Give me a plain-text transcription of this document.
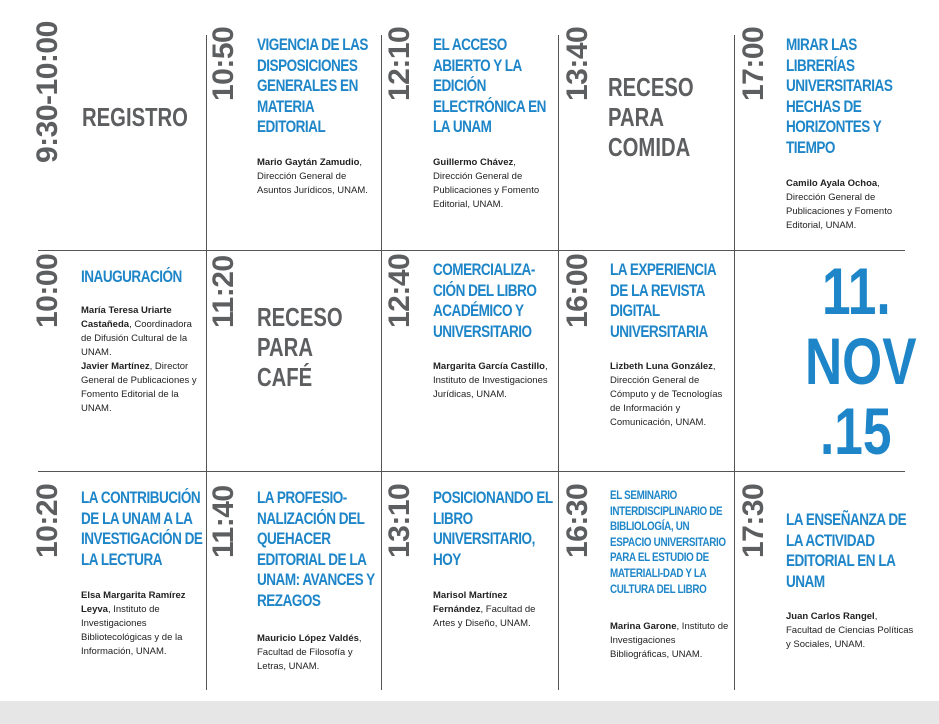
9:30-10:00 REGISTRO
10:50 VIGENCIA DE LAS DISPOSICIONES GENERALES EN MATERIA EDITORIAL
Mario Gaytán Zamudio, Dirección General de Asuntos Jurídicos, UNAM.
12:10 EL ACCESO ABIERTO Y LA EDICIÓN ELECTRÓNICA EN LA UNAM
Guillermo Chávez, Dirección General de Publicaciones y Fomento Editorial, UNAM.
13:40 RECESO PARA COMIDA
17:00 MIRAR LAS LIBRERÍAS UNIVERSITARIAS HECHAS DE HORIZONTES Y TIEMPO
Camilo Ayala Ochoa, Dirección General de Publicaciones y Fomento Editorial, UNAM.
10:00 INAUGURACIÓN
María Teresa Uriarte Castañeda, Coordinadora de Difusión Cultural de la UNAM.
Javier Martínez, Director General de Publicaciones y Fomento Editorial de la UNAM.
11:20 RECESO PARA CAFÉ
12:40 COMERCIALIZA-CIÓN DEL LIBRO ACADÉMICO Y UNIVERSITARIO
Margarita García Castillo, Instituto de Investigaciones Jurídicas, UNAM.
16:00 LA EXPERIENCIA DE LA REVISTA DIGITAL UNIVERSITARIA
Lizbeth Luna González, Dirección General de Cómputo y de Tecnologías de Información y Comunicación, UNAM.
11.
NOV
.15
10:20 LA CONTRIBUCIÓN DE LA UNAM A LA INVESTIGACIÓN DE LA LECTURA
Elsa Margarita Ramírez Leyva, Instituto de Investigaciones Bibliotecológicas y de la Información, UNAM.
11:40 LA PROFESIO-NALIZACIÓN DEL QUEHACER EDITORIAL DE LA UNAM: AVANCES Y REZAGOS
Mauricio López Valdés, Facultad de Filosofía y Letras, UNAM.
13:10 POSICIONANDO EL LIBRO UNIVERSITARIO, HOY
Marisol Martínez Fernández, Facultad de Artes y Diseño, UNAM.
16:30 EL SEMINARIO INTERDISCIPLINARIO DE BIBLIOLOGÍA, UN ESPACIO UNIVERSITARIO PARA EL ESTUDIO DE MATERIALI-DAD Y LA CULTURA DEL LIBRO
Marina Garone, Instituto de Investigaciones Bibliográficas, UNAM.
17:30 LA ENSEÑANZA DE LA ACTIVIDAD EDITORIAL EN LA UNAM
Juan Carlos Rangel, Facultad de Ciencias Políticas y Sociales, UNAM.
